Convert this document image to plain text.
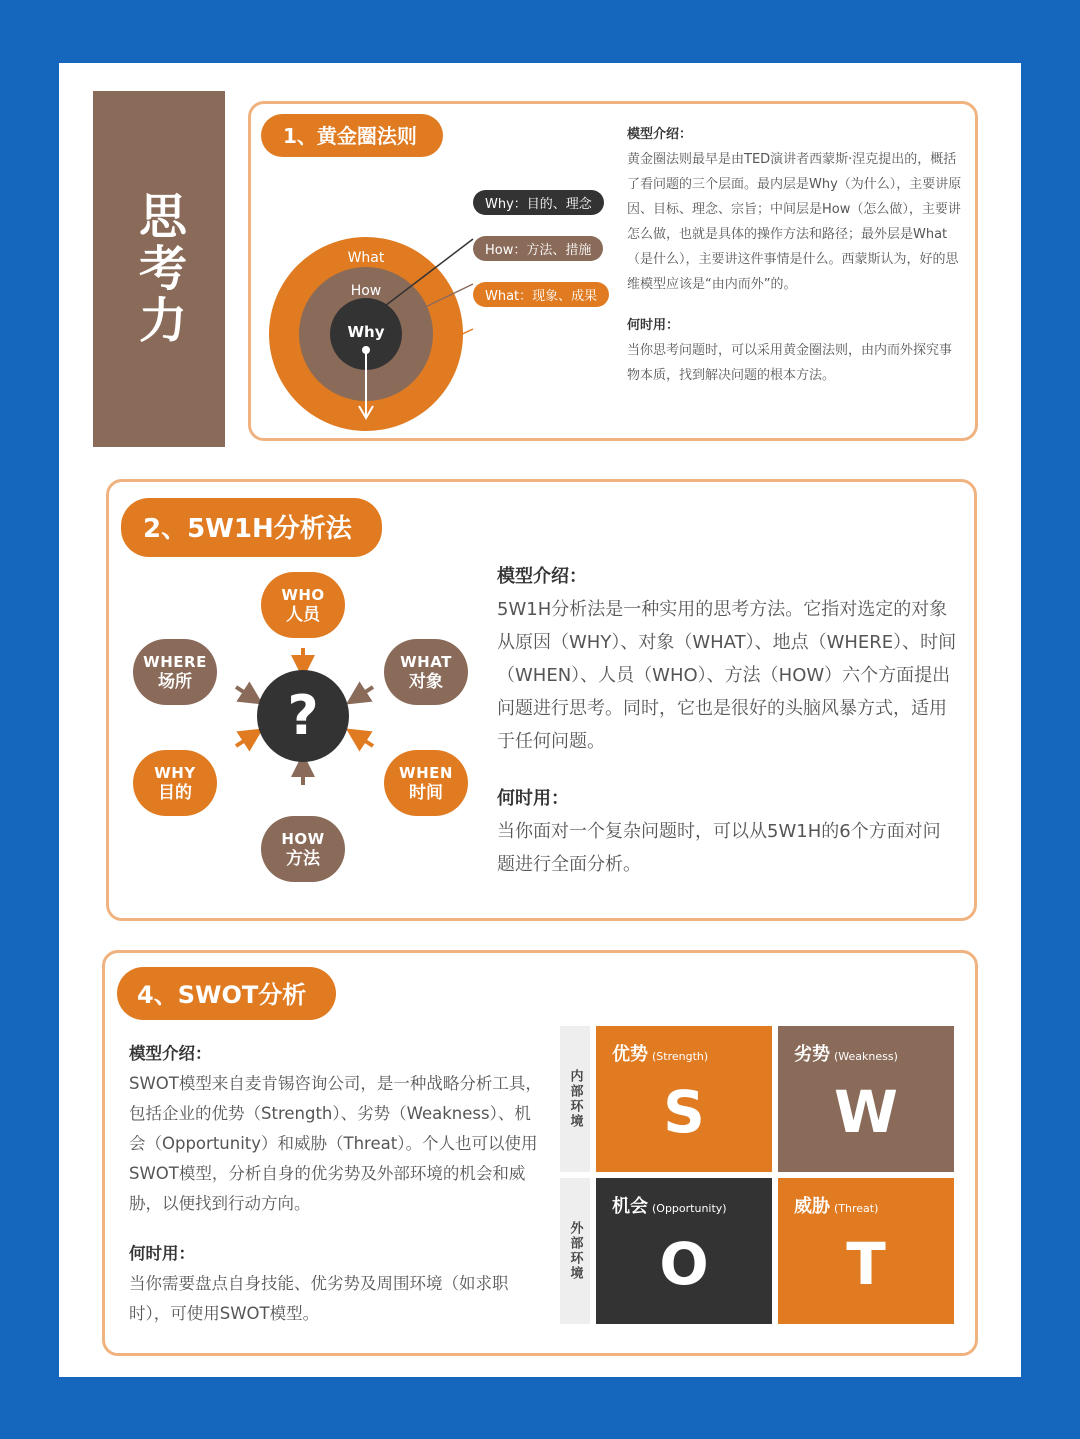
思考力
1、黄金圈法则
What
How
Why
Why：目的、理念
How：方法、措施
What：现象、成果
模型介绍：
黄金圈法则最早是由TED演讲者西蒙斯·涅克提出的，概括了看问题的三个层面。最内层是Why（为什么），主要讲原因、目标、理念、宗旨；中间层是How（怎么做），主要讲怎么做，也就是具体的操作方法和路径；最外层是What（是什么），主要讲这件事情是什么。西蒙斯认为，好的思维模型应该是“由内而外”的。
何时用：
当你思考问题时，可以采用黄金圈法则，由内而外探究事物本质，找到解决问题的根本方法。
2、5W1H分析法
?
WHO
人员
WHERE
场所
WHAT
对象
WHY
目的
WHEN
时间
HOW
方法
模型介绍：
5W1H分析法是一种实用的思考方法。它指对选定的对象从原因（WHY）、对象（WHAT）、地点（WHERE）、时间（WHEN）、人员（WHO）、方法（HOW）六个方面提出问题进行思考。同时，它也是很好的头脑风暴方式，适用于任何问题。
何时用：
当你面对一个复杂问题时，可以从5W1H的6个方面对问题进行全面分析。
4、SWOT分析
模型介绍：
SWOT模型来自麦肯锡咨询公司，是一种战略分析工具，包括企业的优势（Strength）、劣势（Weakness）、机会（Opportunity）和威胁（Threat）。个人也可以使用SWOT模型，分析自身的优劣势及外部环境的机会和威胁，以便找到行动方向。
何时用：
当你需要盘点自身技能、优劣势及周围环境（如求职时），可使用SWOT模型。
内部环境
外部环境
优势 (Strength)
S
劣势 (Weakness)
W
机会 (Opportunity)
O
威胁 (Threat)
T
